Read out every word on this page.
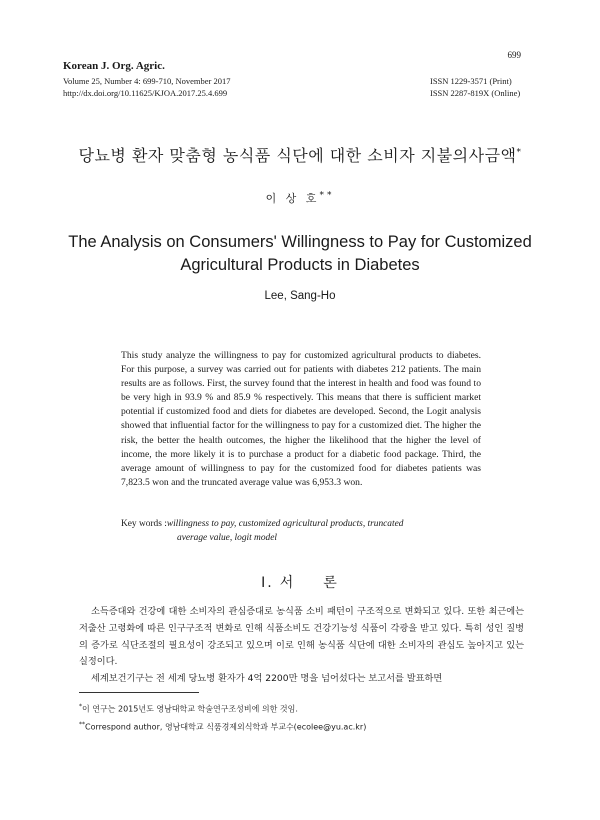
Korean J. Org. Agric.
Volume 25, Number 4: 699-710, November 2017
http://dx.doi.org/10.11625/KJOA.2017.25.4.699
699
ISSN 1229-3571 (Print)
ISSN 2287-819X (Online)
당뇨병 환자 맞춤형 농식품 식단에 대한 소비자 지불의사금액*
이 상 호**
The Analysis on Consumers' Willingness to Pay for Customized
Agricultural Products in Diabetes
Lee, Sang-Ho
This study analyze the willingness to pay for customized agricultural products to diabetes. For this purpose, a survey was carried out for patients with diabetes 212 patients. The main results are as follows. First, the survey found that the interest in health and food was found to be very high in 93.9 % and 85.9 % respectively. This means that there is sufficient market potential if customized food and diets for diabetes are developed. Second, the Logit analysis showed that influential factor for the willingness to pay for a customized diet. The higher the risk, the better the health outcomes, the higher the likelihood that the higher the level of income, the more likely it is to purchase a product for a diabetic food package. Third, the average amount of willingness to pay for the customized food for diabetes patients was 7,823.5 won and the truncated average value was 6,953.3 won.
Key words :willingness to pay, customized agricultural products, truncated
average value, logit model
Ⅰ. 서 론

소득증대와 건강에 대한 소비자의 관심증대로 농식품 소비 패턴이 구조적으로 변화되고 있다. 또한 최근에는 저출산 고령화에 따른 인구구조적 변화로 인해 식품소비도 건강기능성 식품이 각광을 받고 있다. 특히 성인 질병의 증가로 식단조절의 필요성이 강조되고 있으며 이로 인해 농식품 식단에 대한 소비자의 관심도 높아지고 있는 실정이다.

세계보건기구는 전 세계 당뇨병 환자가 4억 2200만 명을 넘어섰다는 보고서를 발표하면

*이 연구는 2015년도 영남대학교 학술연구조성비에 의한 것임.
**Correspond author, 영남대학교 식품경제외식학과 부교수(ecolee@yu.ac.kr)
